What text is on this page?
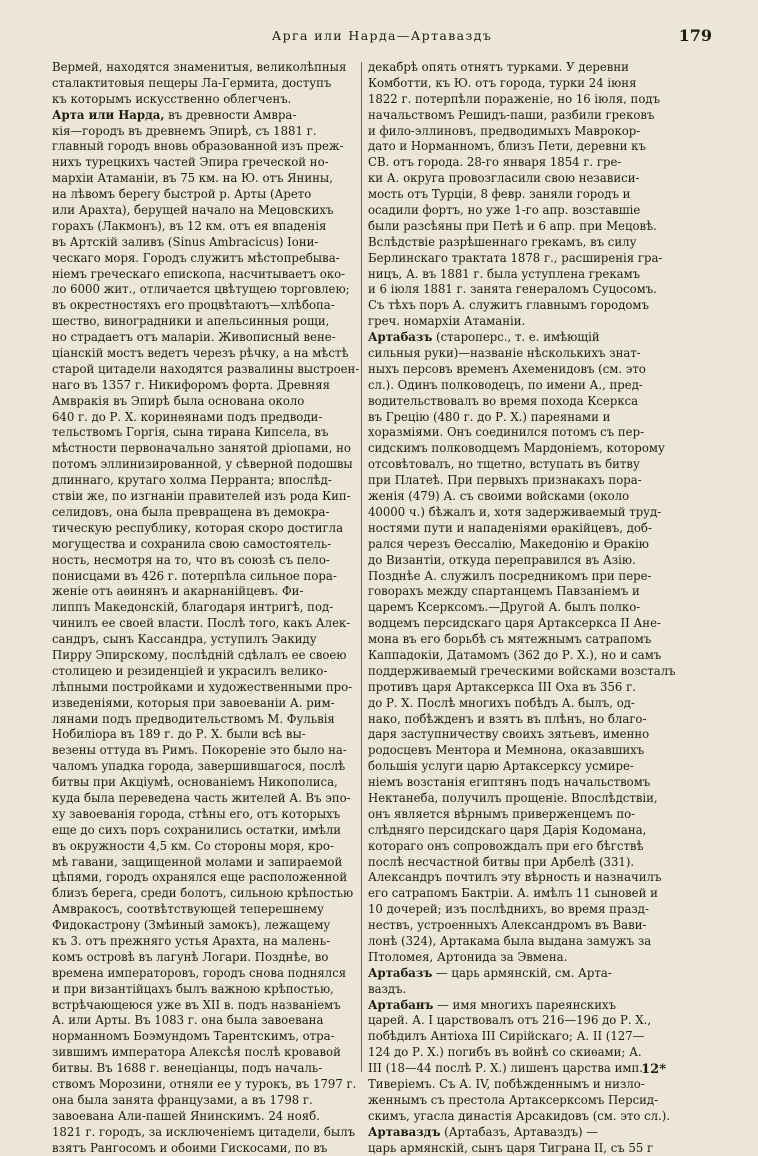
Арга или Нарда—Артаваздъ	179
Вермей, находятся знаменитыя, великолѣпныя
сталактитовыя пещеры Ла-Гермита, доступъ
къ которымъ искусственно облегченъ.
Арта или Нарда, въ древности Амвра-
кія—городъ въ древнемъ Эпирѣ, съ 1881 г.
главный городъ вновь образованной изъ преж-
нихъ турецкихъ частей Эпира греческой но-
мархіи Атаманіи, въ 75 км. на Ю. отъ Янины,
на лѣвомъ берегу быстрой р. Арты (Арето
или Арахта), берущей начало на Мецовскихъ
горахъ (Лакмонъ), въ 12 км. отъ ея впаденія
въ Артскій заливъ (Sinus Ambracicus) Іони-
ческаго моря. Городъ служитъ мѣстопребыва-
ніемъ греческаго епископа, насчитываетъ око-
ло 6000 жит., отличается цвѣтущею торговлею;
въ окрестностяхъ его процвѣтаютъ—хлѣбопа-
шество, виноградники и апельсинныя рощи,
но страдаетъ отъ маларіи. Живописный вене-
ціанскій мостъ ведетъ черезъ рѣчку, а на мѣстѣ
старой цитадели находятся развалины выстроен-
наго въ 1357 г. Никифоромъ форта. Древняя
Амвракія въ Эпирѣ была основана около
640 г. до Р. Х. коринѳянами подъ предводи-
тельствомъ Горгія, сына тирана Кипсела, въ
мѣстности первоначально занятой дріопами, но
потомъ эллинизированной, у сѣверной подошвы
длиннаго, крутаго холма Перранта; впослѣд-
ствіи же, по изгнаніи правителей изъ рода Кип-
селидовъ, она была превращена въ демокра-
тическую республику, которая скоро достигла
могущества и сохранила свою самостоятель-
ность, несмотря на то, что въ союзѣ съ пело-
понисцами въ 426 г. потерпѣла сильное пора-
женіе отъ аѳинянъ и акарнанійцевъ. Фи-
липпъ Македонскій, благодаря интригѣ, под-
чинилъ ее своей власти. Послѣ того, какъ Алек-
сандръ, сынъ Кассандра, уступилъ Эакиду
Пирру Эпирскому, послѣдній сдѣлалъ ее своею
столицею и резиденціей и украсилъ велико-
лѣпными постройками и художественными про-
изведеніями, которыя при завоеваніи А. рим-
лянами подъ предводительствомъ М. Фульвія
Нобиліора въ 189 г. до Р. Х. были всѣ вы-
везены оттуда въ Римъ. Покореніе это было на-
чаломъ упадка города, завершившагося, послѣ
битвы при Акціумѣ, основаніемъ Никополиса,
куда была переведена часть жителей А. Въ эпо-
ху завоеванія города, стѣны его, отъ которыхъ
еще до сихъ поръ сохранились остатки, имѣли
въ окружности 4,5 км. Со стороны моря, кро-
мѣ гавани, защищенной молами и запираемой
цѣпями, городъ охранялся еще расположенной
близъ берега, среди болотъ, сильною крѣпостью
Амвракосъ, соотвѣтствующей теперешнему
Фидокастрону (Змѣиный замокъ), лежащему
къ 3. отъ прежняго устья Арахта, на малень-
комъ островѣ въ лагунѣ Логари. Позднѣе, во
времена императоровъ, городъ снова поднялся
и при византійцахъ былъ важною крѣпостью,
встрѣчающеюся уже въ XII в. подъ названіемъ
А. или Арты. Въ 1083 г. она была завоевана
норманномъ Боэмундомъ Тарентскимъ, отра-
зившимъ императора Алексѣя послѣ кровавой
битвы. Въ 1688 г. венеціанцы, подъ началь-
ствомъ Морозини, отняли ее у турокъ, въ 1797 г.
она была занята французами, а въ 1798 г.
завоевана Али-пашей Янинскимъ. 24 нояб.
1821 г. городъ, за исключеніемъ цитадели, былъ
взятъ Рангосомъ и обоими Гискосами, по въ
декабрѣ опять отнятъ турками. У деревни
Комботти, къ Ю. отъ города, турки 24 іюня
1822 г. потерпѣли пораженіе, но 16 іюля, подъ
начальствомъ Решидъ-паши, разбили грековъ
и фило-эллиновъ, предводимыхъ Маврокор-
дато и Норманномъ, близъ Пети, деревни къ
СВ. отъ города. 28-го января 1854 г. гре-
ки А. округа провозгласили свою независи-
мость отъ Турціи, 8 февр. заняли городъ и
осадили фортъ, но уже 1-го апр. возставшіе
были разсѣяны при Петѣ и 6 апр. при Мецовѣ.
Вслѣдствіе разрѣшеннаго грекамъ, въ силу
Берлинскаго трактата 1878 г., расширенія гра-
ницъ, А. въ 1881 г. была уступлена грекамъ
и 6 іюля 1881 г. занята генераломъ Суцосомъ.
Съ тѣхъ поръ А. служитъ главнымъ городомъ
греч. номархіи Атаманіи.
Артабазъ (староперс., т. е. имѣющій
сильныя руки)—названіе нѣсколькихъ знат-
ныхъ персовъ временъ Ахеменидовъ (см. это
сл.). Одинъ полководецъ, по имени А., пред-
водительствовалъ во время похода Ксеркса
въ Грецію (480 г. до Р. Х.) пареянами и
хоразміями. Онъ соединился потомъ съ пер-
сидскимъ полководцемъ Мардоніемъ, которому
отсовѣтовалъ, но тщетно, вступать въ битву
при Платеѣ. При первыхъ признакахъ пора-
женія (479) А. съ своими войсками (около
40000 ч.) бѣжалъ и, хотя задерживаемый труд-
ностями пути и нападеніями ѳракійцевъ, доб-
рался черезъ Ѳессалію, Македонію и Ѳракію
до Византіи, откуда переправился въ Азію.
Позднѣе А. служилъ посредникомъ при пере-
говорахъ между спартанцемъ Павзаніемъ и
царемъ Ксерксомъ.—Другой А. былъ полко-
водцемъ персидскаго царя Артаксеркса II Ане-
мона въ его борьбѣ съ мятежнымъ сатрапомъ
Каппадокіи, Датамомъ (362 до Р. Х.), но и самъ
поддерживаемый греческими войсками возсталъ
противъ царя Артаксеркса III Оха въ 356 г.
до Р. Х. Послѣ многихъ побѣдъ А. былъ, од-
нако, побѣжденъ и взятъ въ плѣнъ, но благо-
даря заступничеству своихъ зятьевъ, именно
родосцевъ Ментора и Мемнона, оказавшихъ
большія услуги царю Артаксерксу усмире-
ніемъ возстанія египтянъ подъ начальствомъ
Нектанеба, получилъ прощеніе. Впослѣдствіи,
онъ является вѣрнымъ приверженцемъ по-
слѣдняго персидскаго царя Дарія Кодомана,
котораго онъ сопровождалъ при его бѣгствѣ
послѣ несчастной битвы при Арбелѣ (331).
Александръ почтилъ эту вѣрность и назначилъ
его сатрапомъ Бактріи. А. имѣлъ 11 сыновей и
10 дочерей; изъ послѣднихъ, во время празд-
нествъ, устроенныхъ Александромъ въ Вави-
лонѣ (324), Артакама была выдана замужъ за
Птоломея, Артонида за Эвмена.
Артабазъ — царь армянскій, см. Арта-
ваздъ.
Артабанъ — имя многихъ пареянскихъ
царей. А. I царствовалъ отъ 216—196 до Р. Х.,
побѣдилъ Антіоха III Сирійскаго; А. II (127—
124 до Р. Х.) погибъ въ войнѣ со скиѳами; А.
III (18—44 послѣ Р. Х.) лишенъ царства имп.
Тиверіемъ. Съ А. IV, побѣжденнымъ и низло-
женнымъ съ престола Артаксерксомъ Персид-
скимъ, угасла династія Арсакидовъ (см. это сл.).
Артаваздъ (Артабазъ, Артаваздъ) —
царь армянскій, сынъ царя Тиграна II, съ 55 г
12*
